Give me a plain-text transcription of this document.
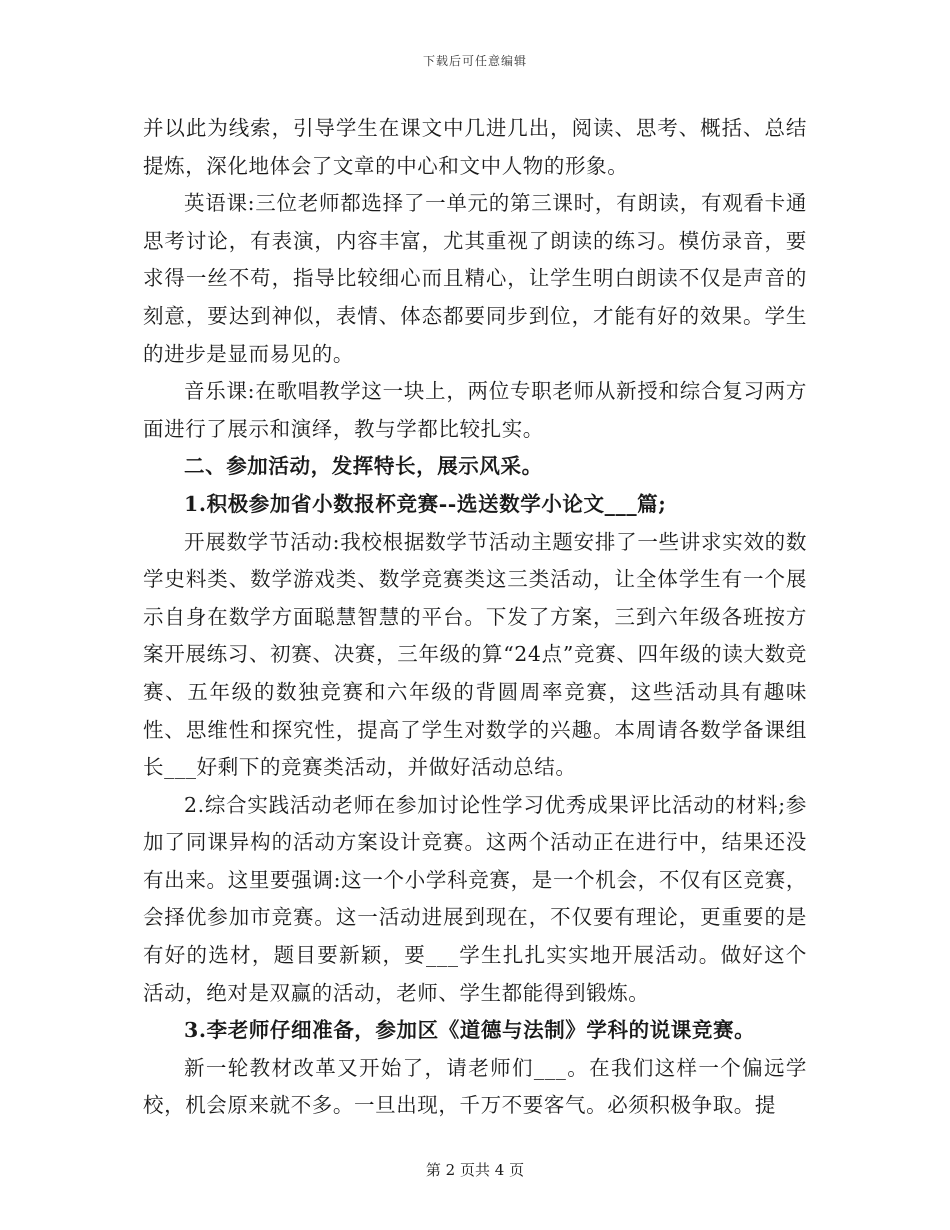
下载后可任意编辑

并以此为线索，引导学生在课文中几进几出，阅读、思考、概括、总结提炼，深化地体会了文章的中心和文中人物的形象。

英语课:三位老师都选择了一单元的第三课时，有朗读，有观看卡通思考讨论，有表演，内容丰富，尤其重视了朗读的练习。模仿录音，要求得一丝不苟，指导比较细心而且精心，让学生明白朗读不仅是声音的刻意，要达到神似，表情、体态都要同步到位，才能有好的效果。学生的进步是显而易见的。

音乐课:在歌唱教学这一块上，两位专职老师从新授和综合复习两方面进行了展示和演绎，教与学都比较扎实。

二、参加活动，发挥特长，展示风采。

1.积极参加省小数报杯竞赛--选送数学小论文___篇;

开展数学节活动:我校根据数学节活动主题安排了一些讲求实效的数学史料类、数学游戏类、数学竞赛类这三类活动，让全体学生有一个展示自身在数学方面聪慧智慧的平台。下发了方案，三到六年级各班按方案开展练习、初赛、决赛，三年级的算“24点”竞赛、四年级的读大数竞赛、五年级的数独竞赛和六年级的背圆周率竞赛，这些活动具有趣味性、思维性和探究性，提高了学生对数学的兴趣。本周请各数学备课组长___好剩下的竞赛类活动，并做好活动总结。

2.综合实践活动老师在参加讨论性学习优秀成果评比活动的材料;参加了同课异构的活动方案设计竞赛。这两个活动正在进行中，结果还没有出来。这里要强调:这一个小学科竞赛，是一个机会，不仅有区竞赛，会择优参加市竞赛。这一活动进展到现在，不仅要有理论，更重要的是有好的选材，题目要新颖，要___学生扎扎实实地开展活动。做好这个活动，绝对是双赢的活动，老师、学生都能得到锻炼。

3.李老师仔细准备，参加区《道德与法制》学科的说课竞赛。

新一轮教材改革又开始了，请老师们___。在我们这样一个偏远学校，机会原来就不多。一旦出现，千万不要客气。必须积极争取。提

第 2 页共 4 页
